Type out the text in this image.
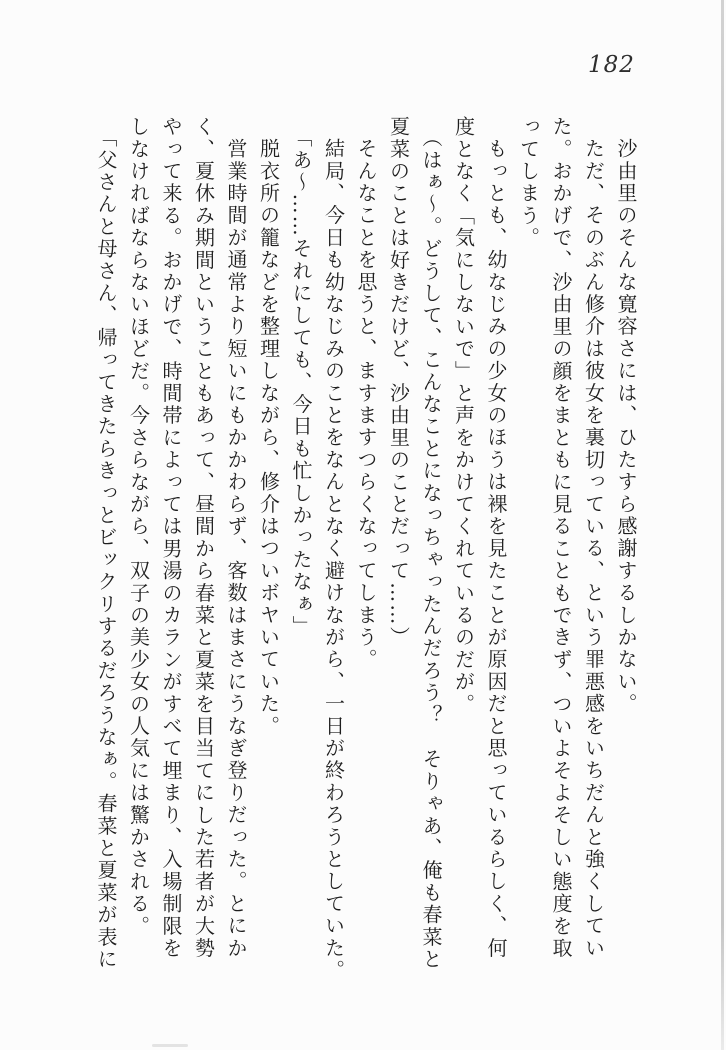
182
沙由里のそんな寛容さには、ひたすら感謝するしかない。
ただ、そのぶん修介は彼女を裏切っている、という罪悪感をいちだんと強くしてい
た。おかげで、沙由里の顔をまともに見ることもできず、ついよそよそしい態度を取
ってしまう。
もっとも、幼なじみの少女のほうは裸を見たことが原因だと思っているらしく、何
度となく「気にしないで」と声をかけてくれているのだが。
（はぁ〜。どうして、こんなことになっちゃったんだろう？　そりゃあ、俺も春菜と
夏菜のことは好きだけど、沙由里のことだって……）
そんなことを思うと、ますますつらくなってしまう。
結局、今日も幼なじみのことをなんとなく避けながら、一日が終わろうとしていた。
「あ〜……それにしても、今日も忙しかったなぁ」
脱衣所の籠などを整理しながら、修介はついボヤいていた。
営業時間が通常より短いにもかかわらず、客数はまさにうなぎ登りだった。とにか
く、夏休み期間ということもあって、昼間から春菜と夏菜を目当てにした若者が大勢
やって来る。おかげで、時間帯によっては男湯のカランがすべて埋まり、入場制限を
しなければならないほどだ。今さらながら、双子の美少女の人気には驚かされる。
「父さんと母さん、帰ってきたらきっとビックリするだろうなぁ。春菜と夏菜が表に
